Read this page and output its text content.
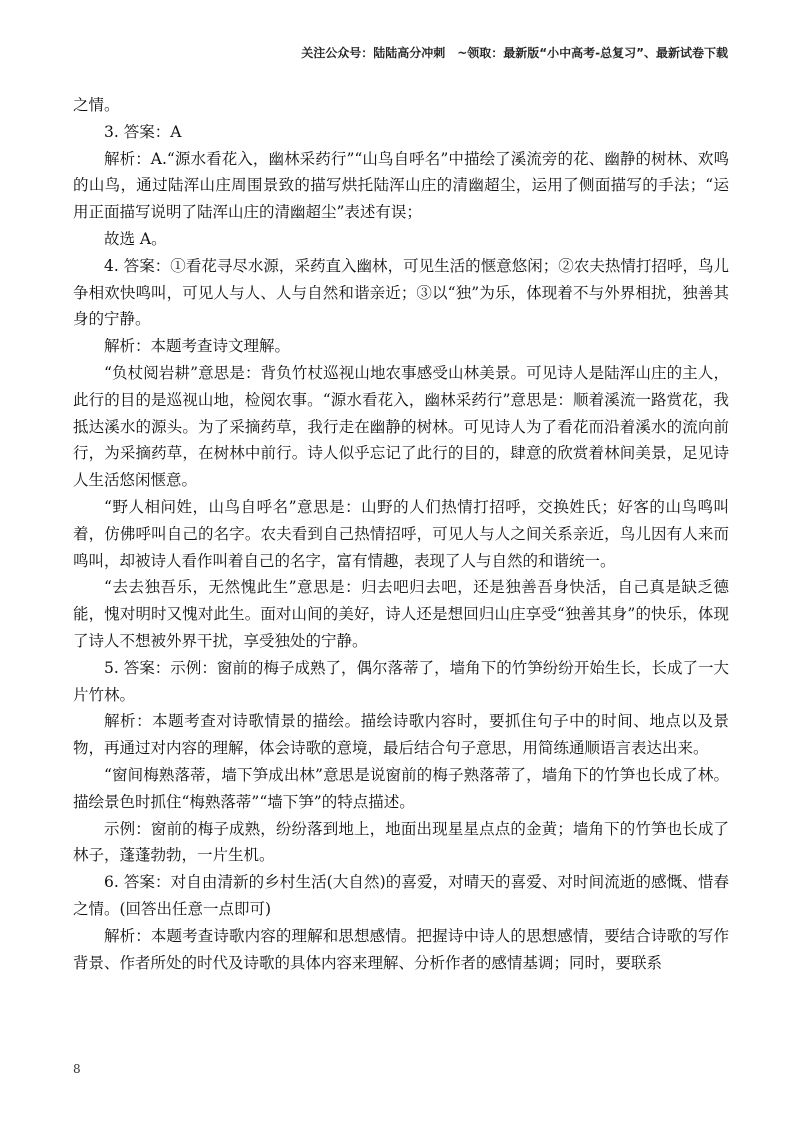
关注公众号：陆陆高分冲刺　~领取：最新版“小中高考-总复习”、最新试卷下载

之情。

3. 答案：A

解析：A.“源水看花入，幽林采药行”“山鸟自呼名”中描绘了溪流旁的花、幽静的树林、欢鸣的山鸟，通过陆浑山庄周围景致的描写烘托陆浑山庄的清幽超尘，运用了侧面描写的手法；“运用正面描写说明了陆浑山庄的清幽超尘”表述有误；

故选 A。

4. 答案：①看花寻尽水源，采药直入幽林，可见生活的惬意悠闲；②农夫热情打招呼，鸟儿争相欢快鸣叫，可见人与人、人与自然和谐亲近；③以“独”为乐，体现着不与外界相扰，独善其身的宁静。

解析：本题考查诗文理解。

“负杖阅岩耕”意思是：背负竹杖巡视山地农事感受山林美景。可见诗人是陆浑山庄的主人，此行的目的是巡视山地，检阅农事。“源水看花入，幽林采药行”意思是：顺着溪流一路赏花，我抵达溪水的源头。为了采摘药草，我行走在幽静的树林。可见诗人为了看花而沿着溪水的流向前行，为采摘药草，在树林中前行。诗人似乎忘记了此行的目的，肆意的欣赏着林间美景，足见诗人生活悠闲惬意。

“野人相问姓，山鸟自呼名”意思是：山野的人们热情打招呼，交换姓氏；好客的山鸟鸣叫着，仿佛呼叫自己的名字。农夫看到自己热情招呼，可见人与人之间关系亲近，鸟儿因有人来而鸣叫，却被诗人看作叫着自己的名字，富有情趣，表现了人与自然的和谐统一。

“去去独吾乐，无然愧此生”意思是：归去吧归去吧，还是独善吾身快活，自己真是缺乏德能，愧对明时又愧对此生。面对山间的美好，诗人还是想回归山庄享受“独善其身”的快乐，体现了诗人不想被外界干扰，享受独处的宁静。

5. 答案：示例：窗前的梅子成熟了，偶尔落蒂了，墙角下的竹笋纷纷开始生长，长成了一大片竹林。

解析：本题考查对诗歌情景的描绘。描绘诗歌内容时，要抓住句子中的时间、地点以及景物，再通过对内容的理解，体会诗歌的意境，最后结合句子意思，用简练通顺语言表达出来。

“窗间梅熟落蒂，墙下笋成出林”意思是说窗前的梅子熟落蒂了，墙角下的竹笋也长成了林。描绘景色时抓住“梅熟落蒂”“墙下笋”的特点描述。

示例：窗前的梅子成熟，纷纷落到地上，地面出现星星点点的金黄；墙角下的竹笋也长成了林子，蓬蓬勃勃，一片生机。

6. 答案：对自由清新的乡村生活(大自然)的喜爱，对晴天的喜爱、对时间流逝的感慨、惜春之情。(回答出任意一点即可)

解析：本题考查诗歌内容的理解和思想感情。把握诗中诗人的思想感情，要结合诗歌的写作背景、作者所处的时代及诗歌的具体内容来理解、分析作者的感情基调；同时，要联系

8
